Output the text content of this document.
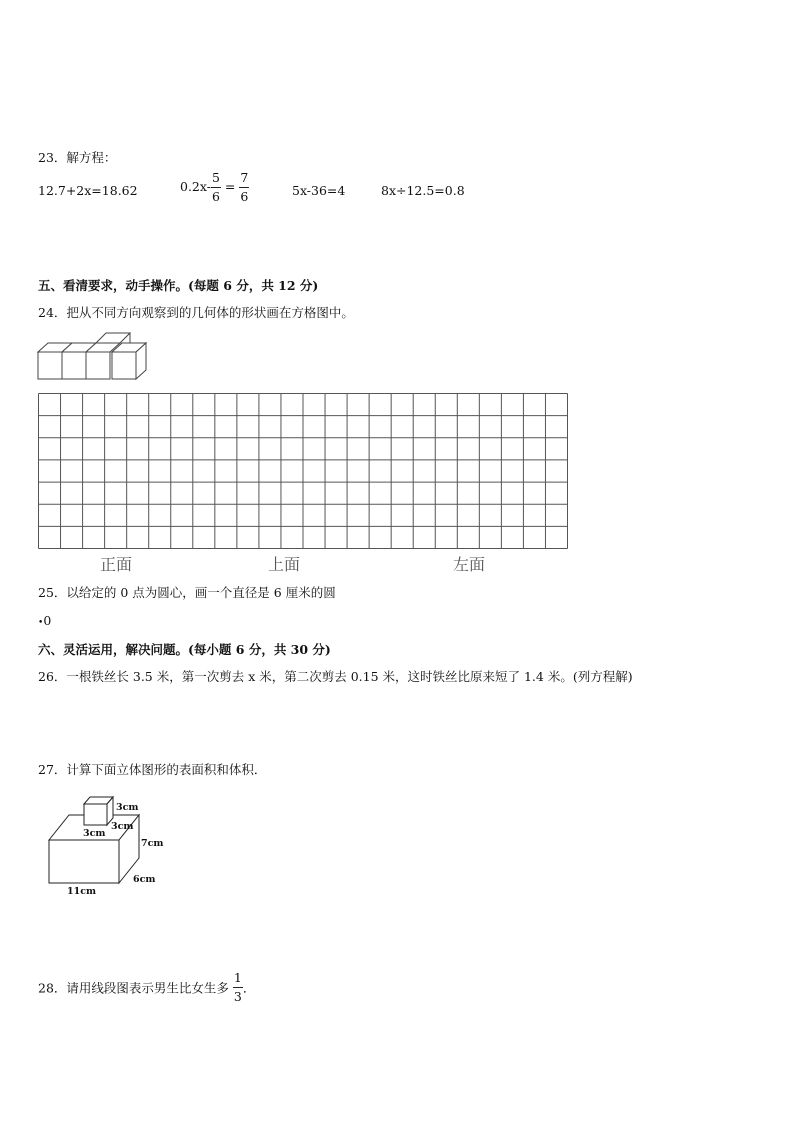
23．解方程：
12.7+2x=18.62	$0.2x- \frac{5}{6} = \frac{7}{6}$	5x-36=4	8x÷12.5=0.8
五、看清要求，动手操作。(每题 6 分，共 12 分)
24．把从不同方向观察到的几何体的形状画在方格图中。
正面	上面	左面
25．以给定的 0 点为圆心，画一个直径是 6 厘米的圆
•0
六、灵活运用，解决问题。(每小题 6 分，共 30 分)
26．一根铁丝长 3.5 米，第一次剪去 x 米，第二次剪去 0.15 米，这时铁丝比原来短了 1.4 米。(列方程解)
27．计算下面立体图形的表面积和体积．
3cm
3cm
3cm
7cm
6cm
11cm
28．请用线段图表示男生比女生多 $\frac{1}{3}$ ．
